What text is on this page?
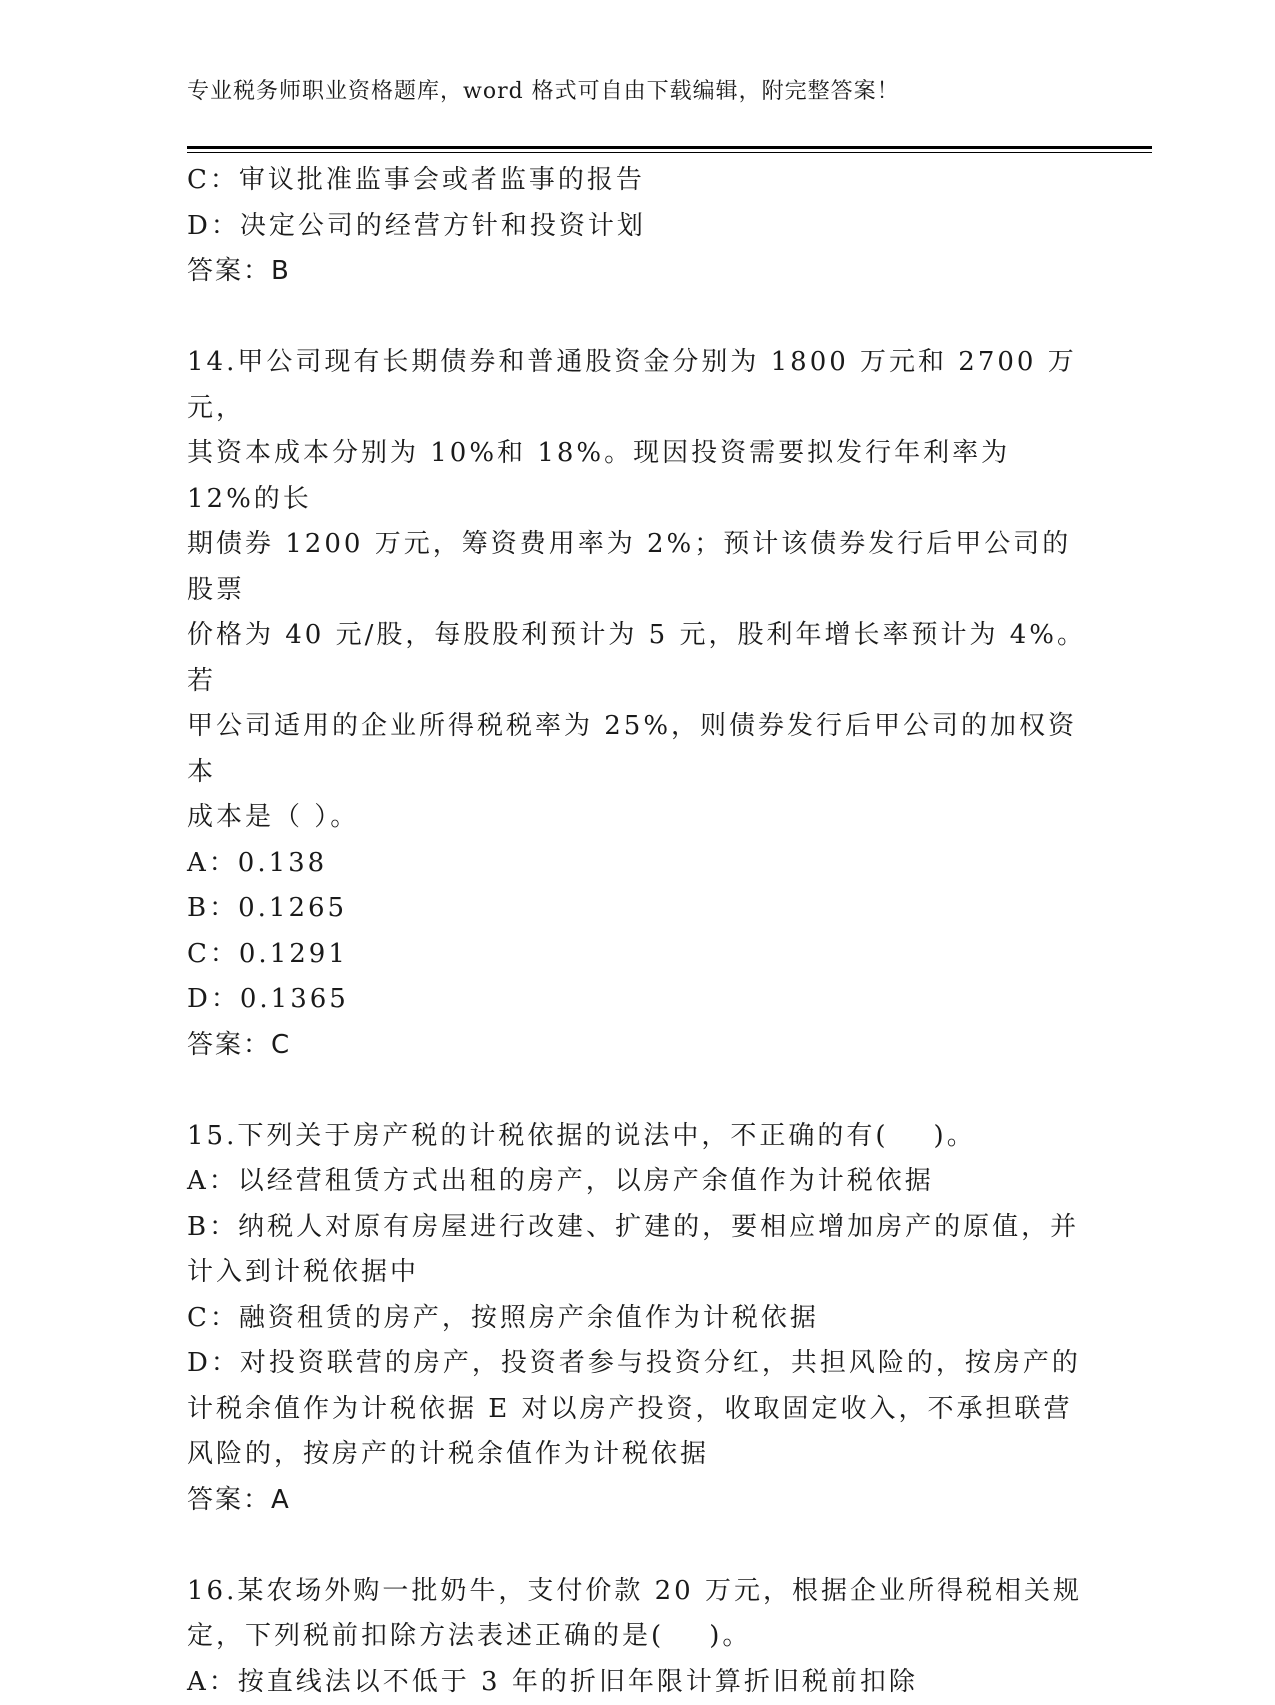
专业税务师职业资格题库，word 格式可自由下载编辑，附完整答案！
C：审议批准监事会或者监事的报告
D：决定公司的经营方针和投资计划
答案：B
14.甲公司现有长期债券和普通股资金分别为 1800 万元和 2700 万元，
其资本成本分别为 10%和 18%。现因投资需要拟发行年利率为 12%的长
期债券 1200 万元，筹资费用率为 2%；预计该债券发行后甲公司的股票
价格为 40 元/股，每股股利预计为 5 元，股利年增长率预计为 4%。若
甲公司适用的企业所得税税率为 25%，则债券发行后甲公司的加权资本
成本是（ ）。
A：0.138
B：0.1265
C：0.1291
D：0.1365
答案：C
15.下列关于房产税的计税依据的说法中，不正确的有(    )。
A：以经营租赁方式出租的房产，以房产余值作为计税依据
B：纳税人对原有房屋进行改建、扩建的，要相应增加房产的原值，并
计入到计税依据中
C：融资租赁的房产，按照房产余值作为计税依据
D：对投资联营的房产，投资者参与投资分红，共担风险的，按房产的
计税余值作为计税依据 E 对以房产投资，收取固定收入，不承担联营
风险的，按房产的计税余值作为计税依据
答案：A
16.某农场外购一批奶牛，支付价款 20 万元，根据企业所得税相关规
定，下列税前扣除方法表述正确的是(    )。
A：按直线法以不低于 3 年的折旧年限计算折旧税前扣除
